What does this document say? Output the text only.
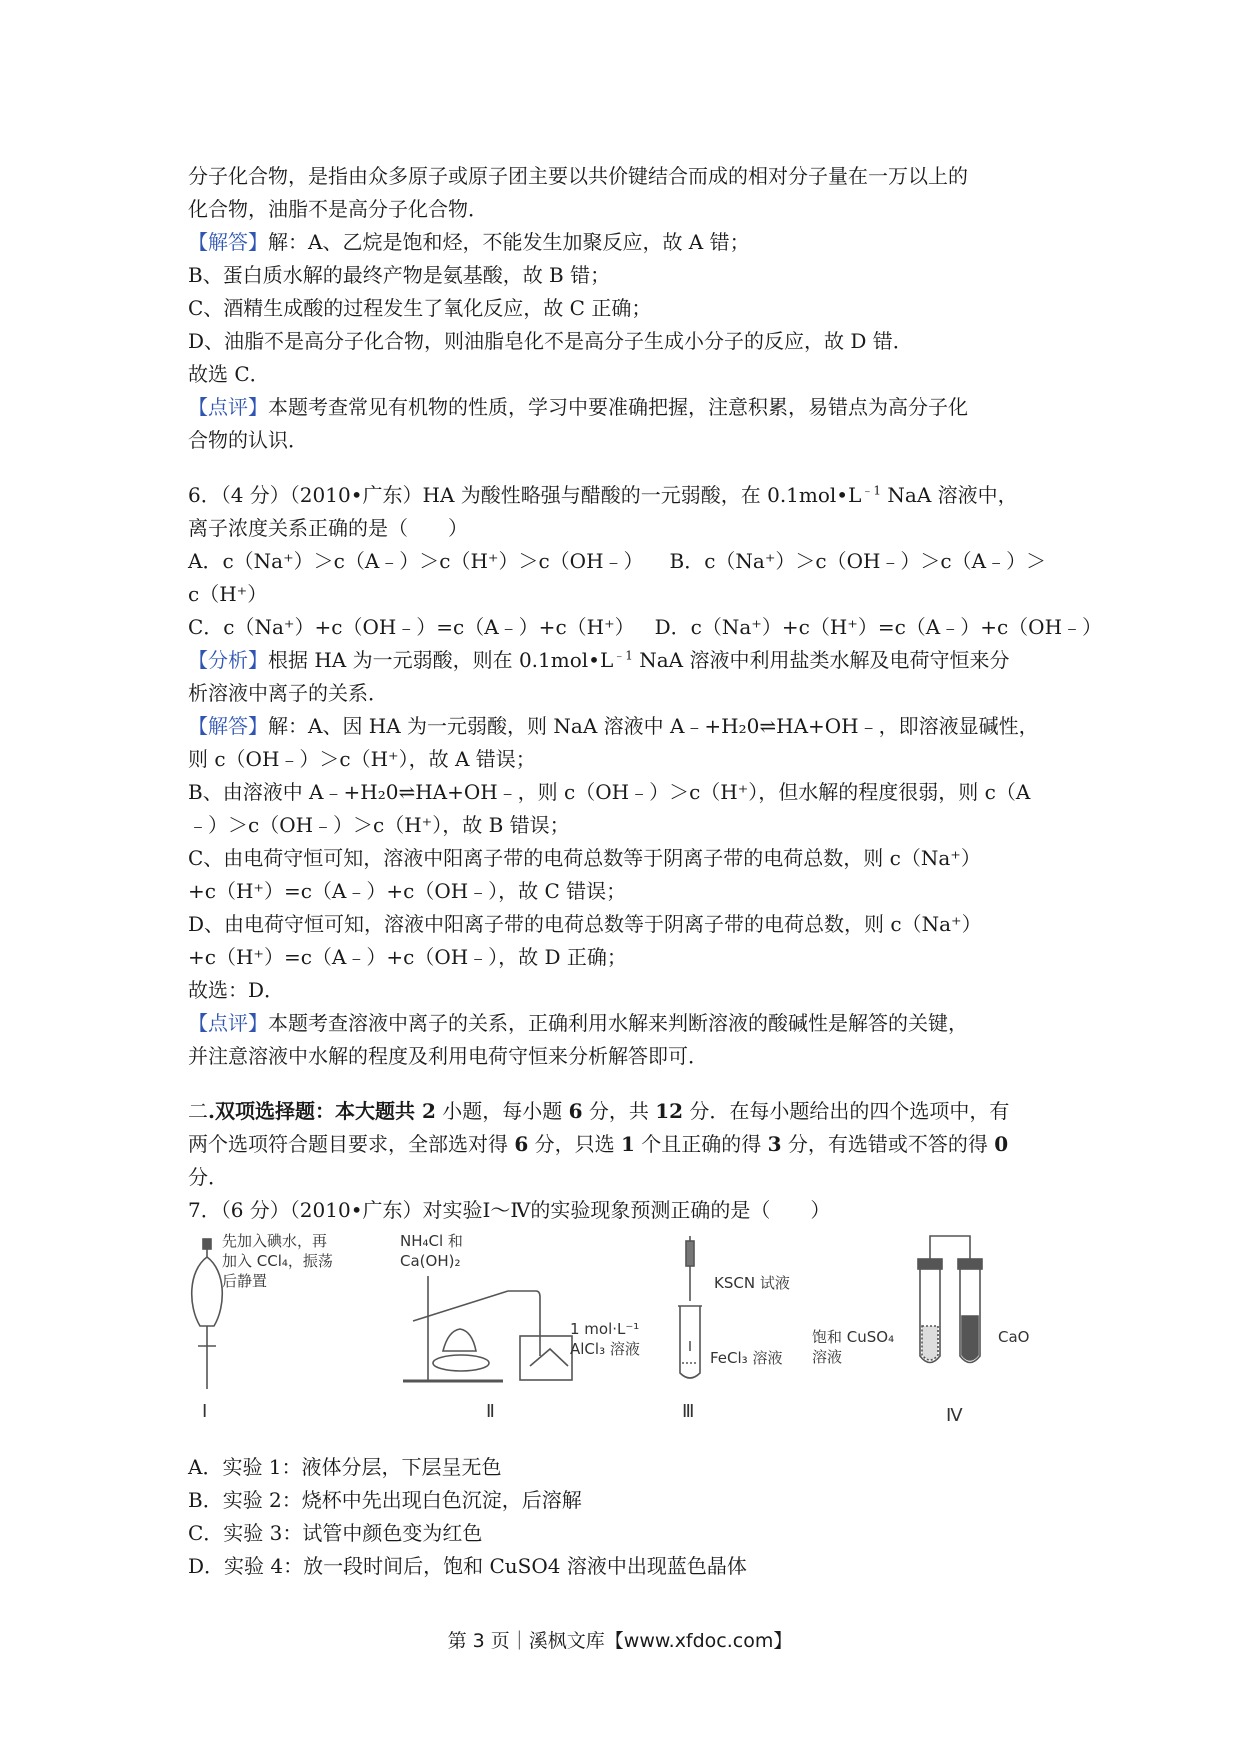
分子化合物，是指由众多原子或原子团主要以共价键结合而成的相对分子量在一万以上的
化合物，油脂不是高分子化合物．
【解答】解：A、乙烷是饱和烃，不能发生加聚反应，故 A 错；
B、蛋白质水解的最终产物是氨基酸，故 B 错；
C、酒精生成酸的过程发生了氧化反应，故 C 正确；
D、油脂不是高分子化合物，则油脂皂化不是高分子生成小分子的反应，故 D 错．
故选 C．
【点评】本题考查常见有机物的性质，学习中要准确把握，注意积累，易错点为高分子化
合物的认识．
6．（4 分）（2010•广东）HA 为酸性略强与醋酸的一元弱酸，在 $0.1mol•L^{﹣1}$ NaA 溶液中，
离子浓度关系正确的是（　　）
A．c（Na⁺）＞c（A﹣）＞c（H⁺）＞c（OH﹣） B．c（Na⁺）＞c（OH﹣）＞c（A﹣）＞
c（H⁺）
C．c（Na⁺）+c（OH﹣）=c（A﹣）+c（H⁺） D．c（Na⁺）+c（H⁺）=c（A﹣）+c（OH﹣）
【分析】根据 HA 为一元弱酸，则在 $0.1mol•L^{﹣1}$ NaA 溶液中利用盐类水解及电荷守恒来分
析溶液中离子的关系．
【解答】解：A、因 HA 为一元弱酸，则 NaA 溶液中 A﹣+H₂0⇌HA+OH﹣，即溶液显碱性，
则 c（OH﹣）＞c（H⁺），故 A 错误；
B、由溶液中 A﹣+H₂0⇌HA+OH﹣，则 c（OH﹣）＞c（H⁺），但水解的程度很弱，则 c（A
﹣）＞c（OH﹣）＞c（H⁺），故 B 错误；
C、由电荷守恒可知，溶液中阳离子带的电荷总数等于阴离子带的电荷总数，则 c（Na⁺）
+c（H⁺）=c（A﹣）+c（OH﹣），故 C 错误；
D、由电荷守恒可知，溶液中阳离子带的电荷总数等于阴离子带的电荷总数，则 c（Na⁺）
+c（H⁺）=c（A﹣）+c（OH﹣），故 D 正确；
故选：D．
【点评】本题考查溶液中离子的关系，正确利用水解来判断溶液的酸碱性是解答的关键，
并注意溶液中水解的程度及利用电荷守恒来分析解答即可．
二.双项选择题：本大题共 2 小题，每小题 6 分，共 12 分．在每小题给出的四个选项中，有
两个选项符合题目要求，全部选对得 6 分，只选 1 个且正确的得 3 分，有选错或不答的得 0
分．
7．（6 分）（2010•广东）对实验Ⅰ～Ⅳ的实验现象预测正确的是（　　）
先加入碘水，再
加入 CCl₄，振荡
后静置
NH₄Cl 和
Ca(OH)₂
1 mol·L⁻¹
AlCl₃ 溶液
KSCN 试液
FeCl₃ 溶液
饱和 CuSO₄
溶液
CaO
Ⅰ	Ⅱ	Ⅲ	Ⅳ
A．实验 1：液体分层，下层呈无色
B．实验 2：烧杯中先出现白色沉淀，后溶解
C．实验 3：试管中颜色变为红色
D．实验 4：放一段时间后，饱和 CuSO4 溶液中出现蓝色晶体
第 3 页｜溪枫文库【www.xfdoc.com】
